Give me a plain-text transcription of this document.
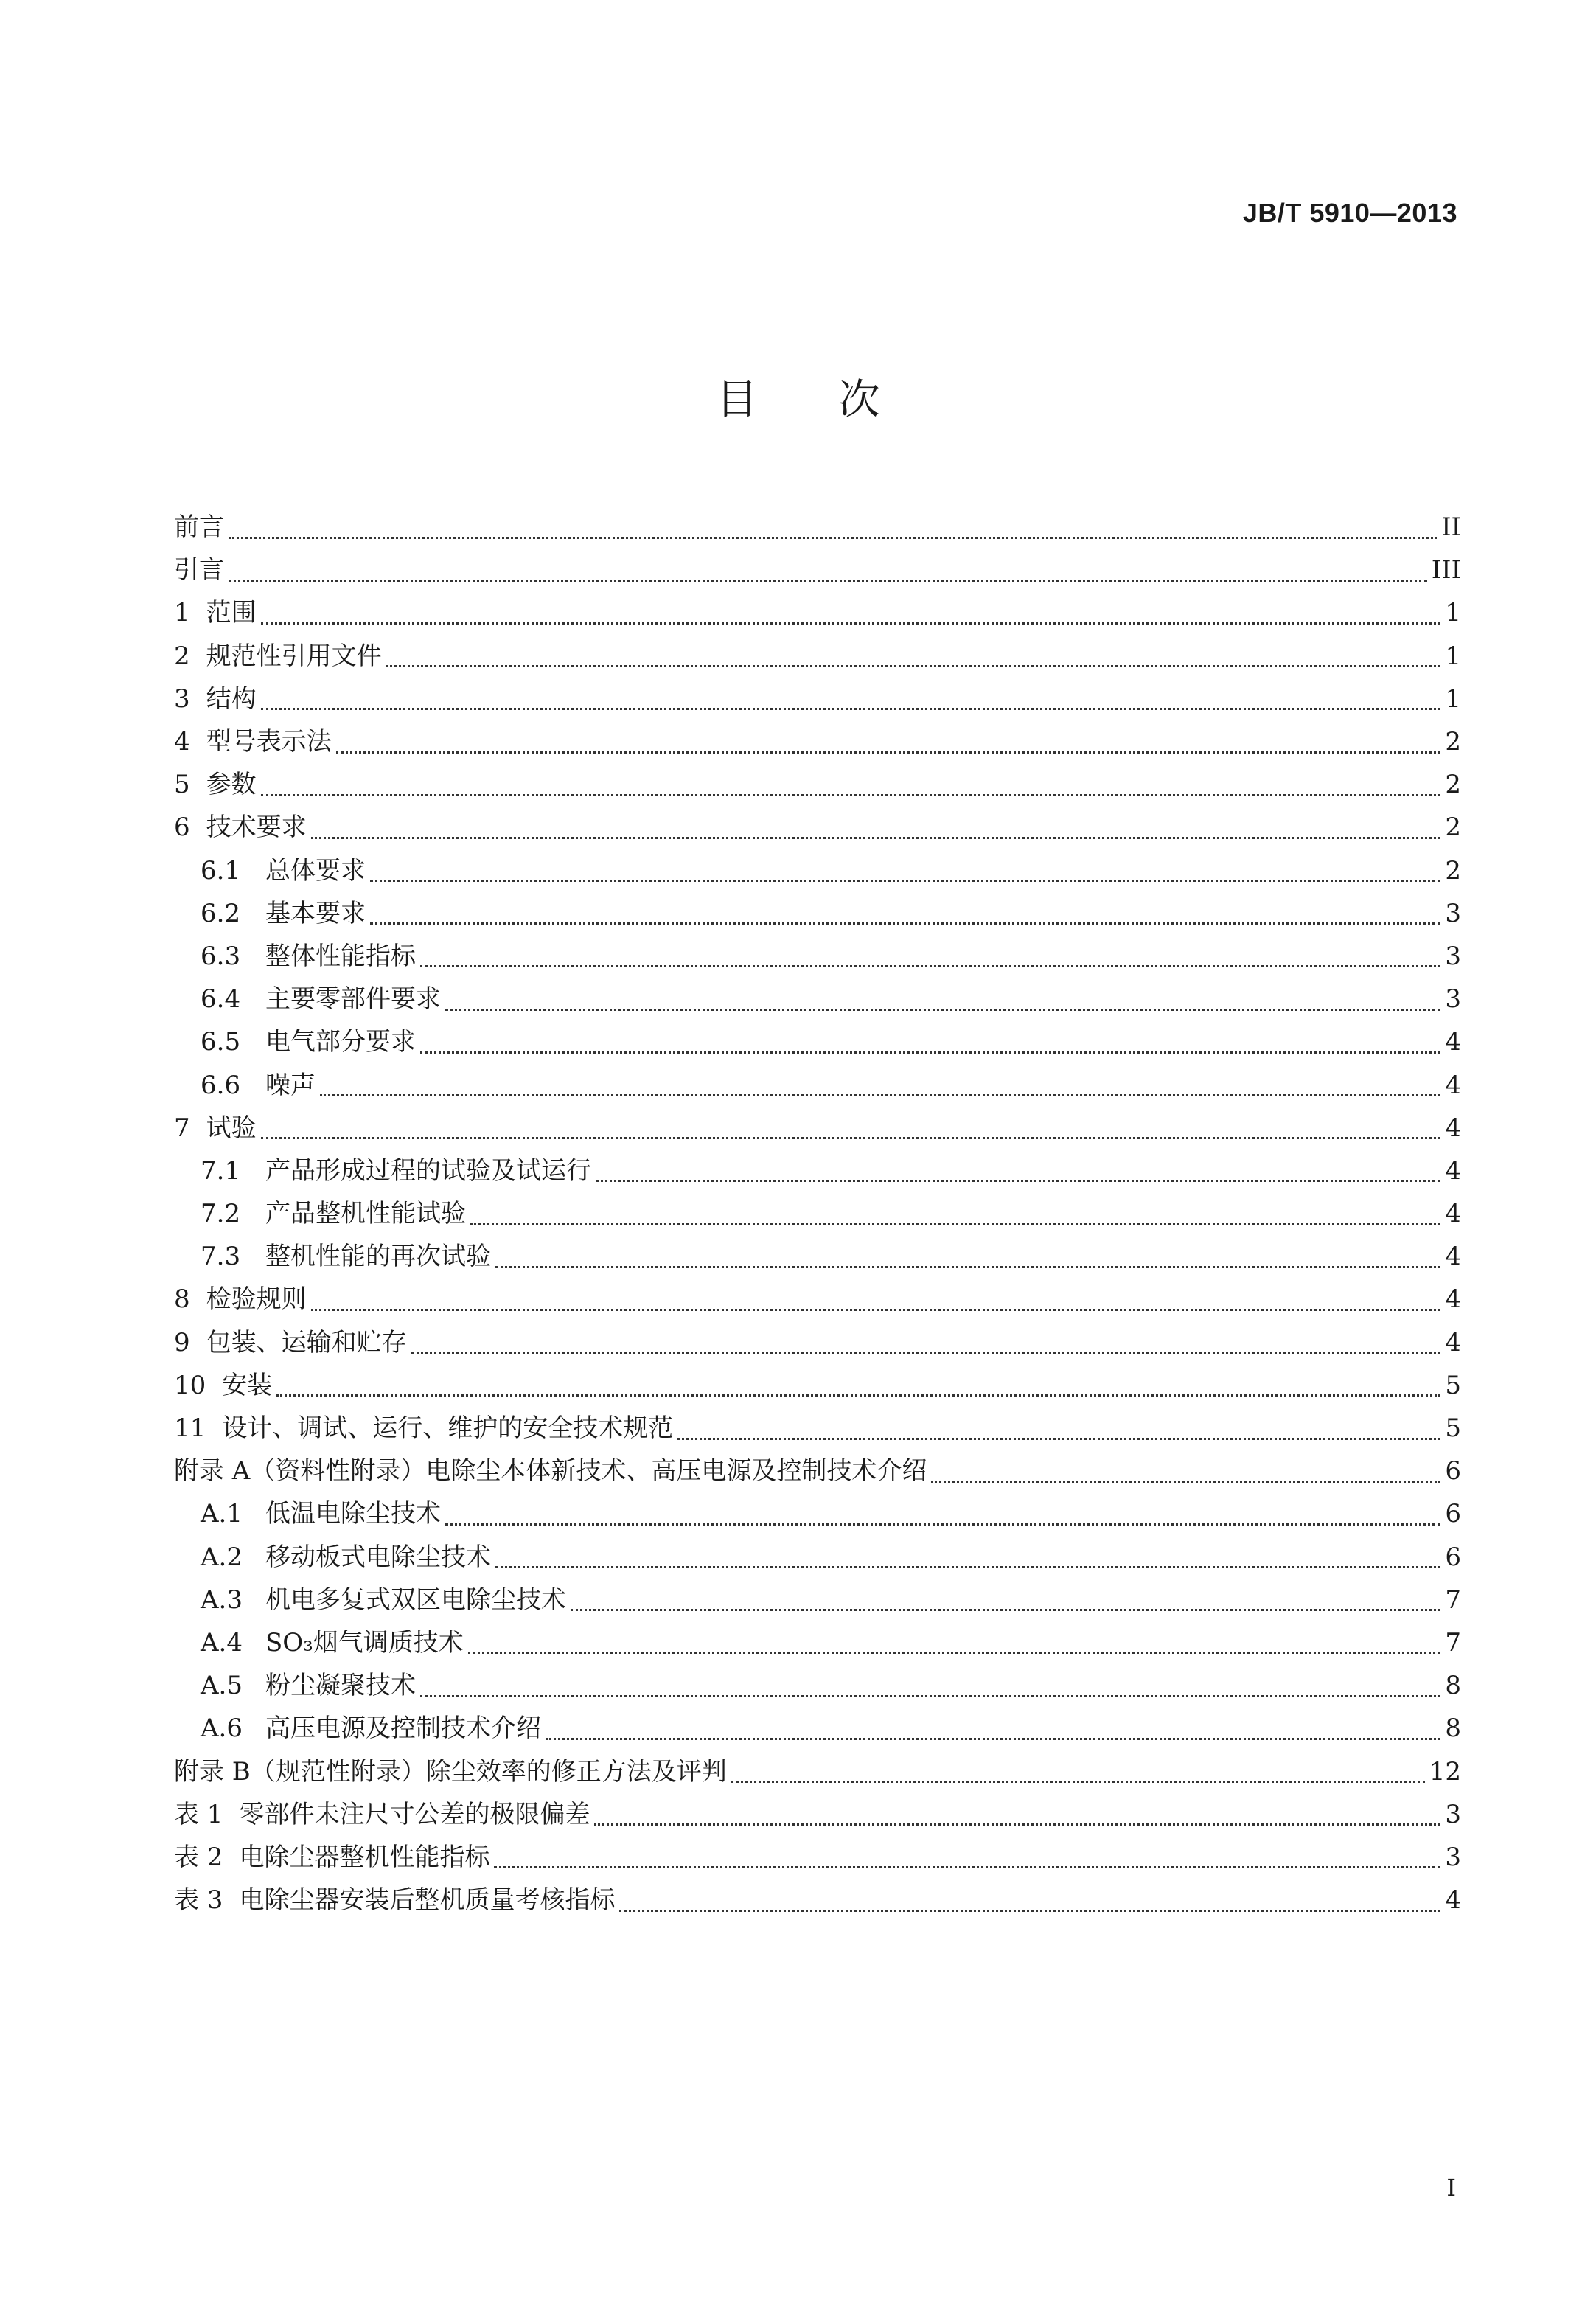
JB/T 5910—2013
目次
前言	II
引言	III
1 范围	1
2 规范性引用文件	1
3 结构	1
4 型号表示法	2
5 参数	2
6 技术要求	2
6.1 总体要求	2
6.2 基本要求	3
6.3 整体性能指标	3
6.4 主要零部件要求	3
6.5 电气部分要求	4
6.6 噪声	4
7 试验	4
7.1 产品形成过程的试验及试运行	4
7.2 产品整机性能试验	4
7.3 整机性能的再次试验	4
8 检验规则	4
9 包装、运输和贮存	4
10 安装	5
11 设计、调试、运行、维护的安全技术规范	5
附录 A（资料性附录）电除尘本体新技术、高压电源及控制技术介绍	6
A.1 低温电除尘技术	6
A.2 移动板式电除尘技术	6
A.3 机电多复式双区电除尘技术	7
A.4 SO₃烟气调质技术	7
A.5 粉尘凝聚技术	8
A.6 高压电源及控制技术介绍	8
附录 B（规范性附录）除尘效率的修正方法及评判	12
表 1 零部件未注尺寸公差的极限偏差	3
表 2 电除尘器整机性能指标	3
表 3 电除尘器安装后整机质量考核指标	4
I
